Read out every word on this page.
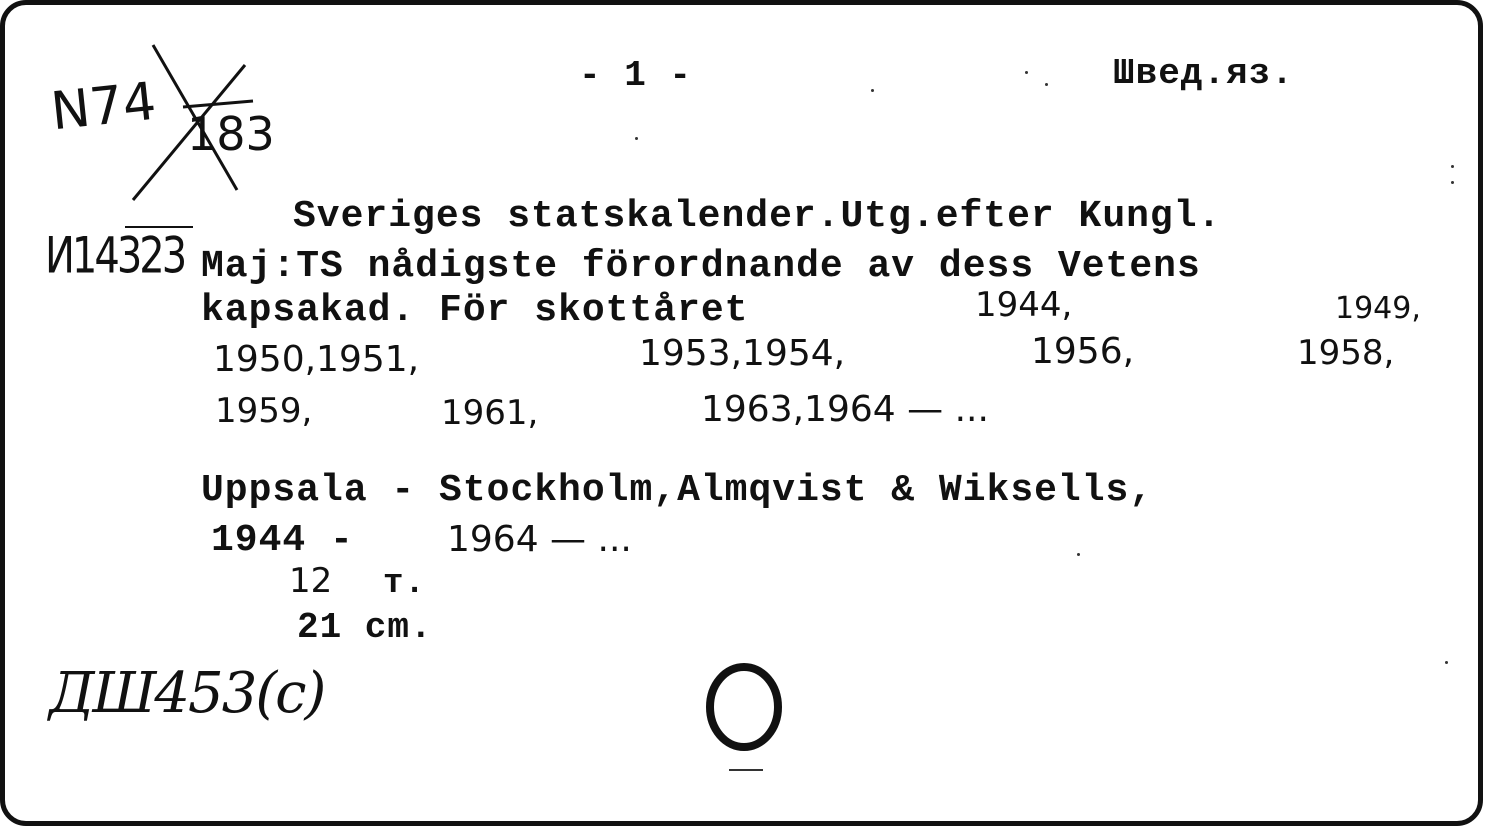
N74 183
- 1 -	Швед.яз.
И14323
Sveriges statskalender.Utg.efter Kungl.
Maj:TS nådigste förordnande av dess Vetens
kapsakad. För skottåret	1944,	1949,
1950,1951,	1953,1954,	1956,	1958,
1959,	1961,	1963,1964 — ...
Uppsala - Stockholm,Almqvist & Wiksells,
1944 - 1964 — ...
12 т.
21 cm.
ДШ453(с)
